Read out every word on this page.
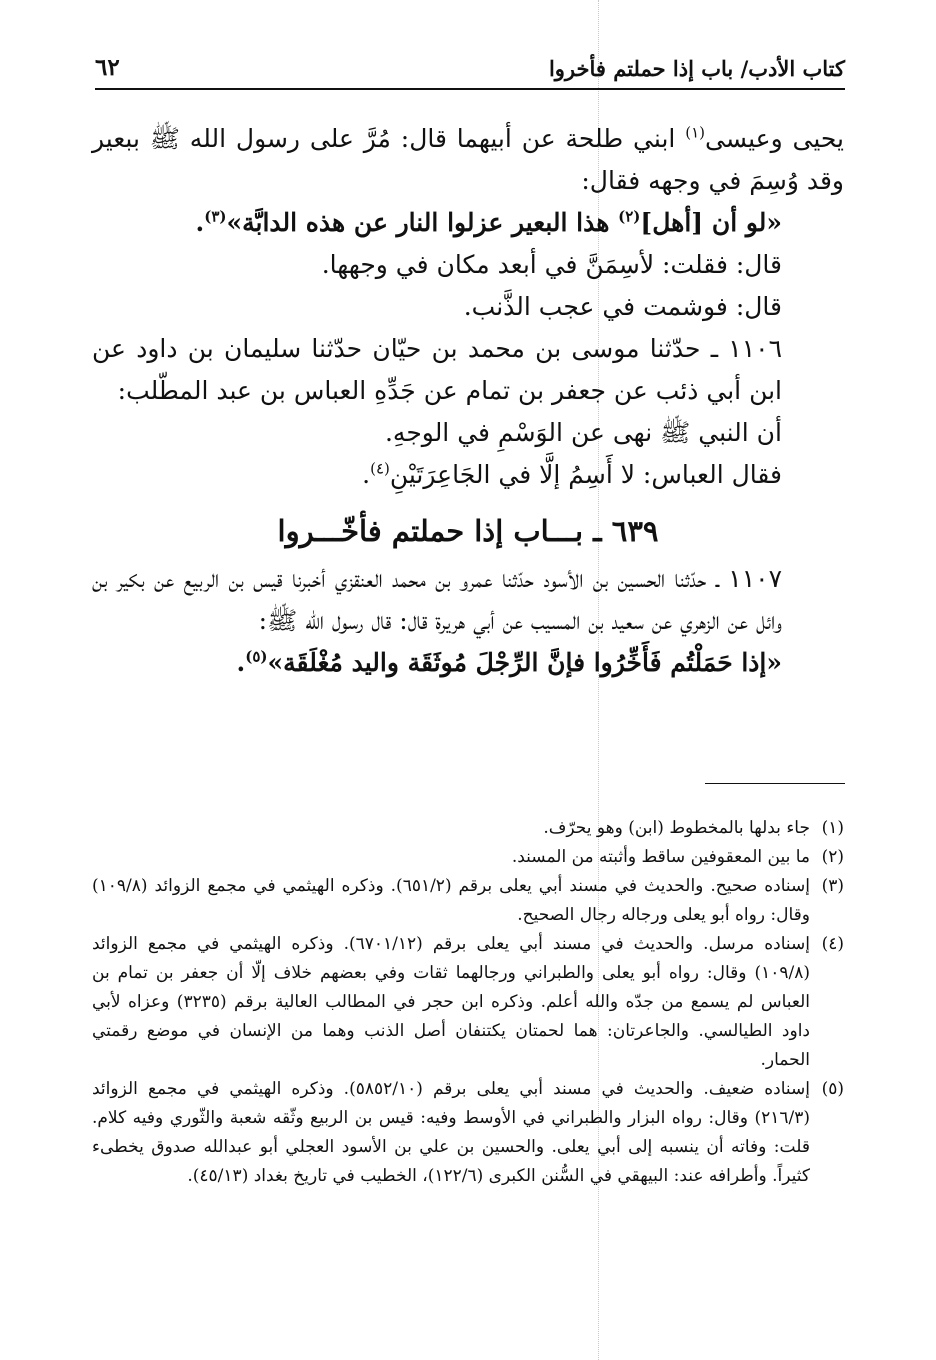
كتاب الأدب/ باب إذا حملتم فأخروا
٦٢

يحيى وعيسى$^{(١)}$ ابني طلحة عن أبيهما قال: مُرَّ على رسول الله ﷺ ببعير وقد وُسِمَ في وجهه فقال:

«لو أن [أهل]$^{(٢)}$ هذا البعير عزلوا النار عن هذه الدابَّة»$^{(٣)}$.

قال: فقلت: لأسِمَنَّ في أبعد مكان في وجهها.

قال: فوشمت في عجب الذَّنب.

١١٠٦ ـ حدّثنا موسى بن محمد بن حيّان حدّثنا سليمان بن داود عن ابن أبي ذئب عن جعفر بن تمام عن جَدِّهِ العباس بن عبد المطّلب:

أن النبي ﷺ نهى عن الوَسْمِ في الوجهِ.

فقال العباس: لا أَسِمُ إلَّا في الجَاعِرَتَيْنِ$^{(٤)}$.

٦٣٩ ـ بـــاب إذا حملتم فأخّـــروا

١١٠٧ ـ حدّثنا الحسين بن الأسود حدّثنا عمرو بن محمد العنقزي أخبرنا قيس بن الربيع عن بكير بن وائل عن الزهري عن سعيد بن المسيب عن أبي هريرة قال: قال رسول الله ﷺ:

«إذا حَمَلْتُم فَأَخِّرُوا فإنَّ الرِّجْلَ مُوثَقَة واليد مُغْلَقَة»$^{(٥)}$.

(١)
جاء بدلها بالمخطوط (ابن) وهو يحرّف.

(٢)
ما بين المعقوفين ساقط وأثبته من المسند.

(٣)
إسناده صحيح. والحديث في مسند أبي يعلى برقم (٦٥١/٢). وذكره الهيثمي في مجمع الزوائد (١٠٩/٨) وقال: رواه أبو يعلى ورجاله رجال الصحيح.

(٤)
إسناده مرسل. والحديث في مسند أبي يعلى برقم (٦٧٠١/١٢). وذكره الهيثمي في مجمع الزوائد (١٠٩/٨) وقال: رواه أبو يعلى والطبراني ورجالهما ثقات وفي بعضهم خلاف إلّا أن جعفر بن تمام بن العباس لم يسمع من جدّه والله أعلم. وذكره ابن حجر في المطالب العالية برقم (٣٢٣٥) وعزاه لأبي داود الطيالسي. والجاعرتان: هما لحمتان يكتنفان أصل الذنب وهما من الإنسان في موضع رقمتي الحمار.

(٥)
إسناده ضعيف. والحديث في مسند أبي يعلى برقم (٥٨٥٢/١٠). وذكره الهيثمي في مجمع الزوائد (٢١٦/٣) وقال: رواه البزار والطبراني في الأوسط وفيه: قيس بن الربيع وثّقه شعبة والثّوري وفيه كلام. قلت: وفاته أن ينسبه إلى أبي يعلى. والحسين بن علي بن الأسود العجلي أبو عبدالله صدوق يخطىء كثيراً. وأطرافه عند: البيهقي في السُّنن الكبرى (١٢٢/٦)، الخطيب في تاريخ بغداد (٤٥/١٣).
